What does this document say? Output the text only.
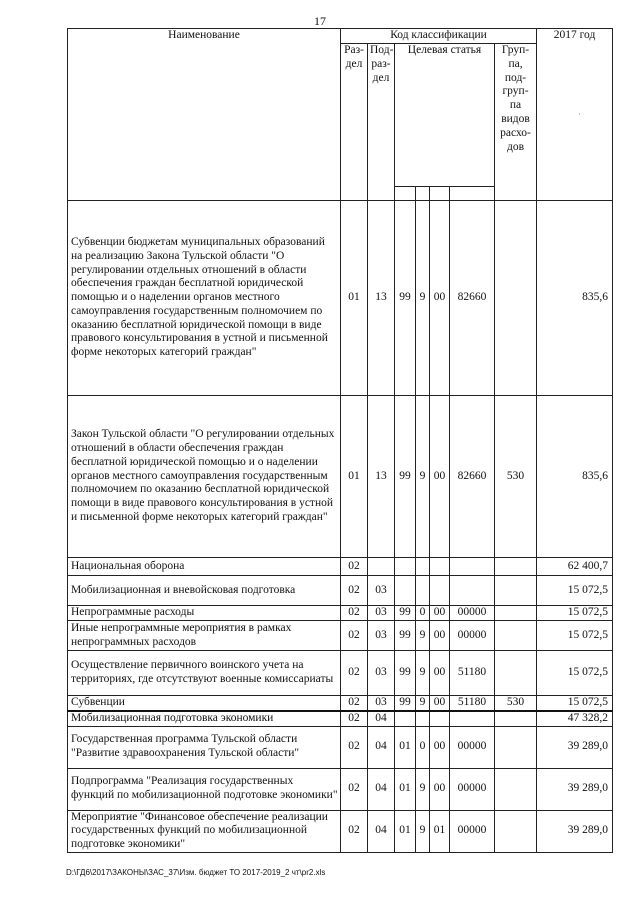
17
ʿ
Наименование	Код классификации							2017 год
	Раз-дел	Под-раз-дел	Целевая статья				Груп-па, под-груп-па видов расхо-дов	

Субвенции бюджетам муниципальных образований на реализацию Закона Тульской области "О регулировании отдельных отношений в области обеспечения граждан бесплатной юридической помощью и о наделении органов местного самоуправления государственным полномочием по оказанию бесплатной юридической помощи в виде правового консультирования в устной и письменной форме некоторых категорий граждан"	01	13	99	9	00	82660		835,6
Закон Тульской области "О регулировании отдельных отношений в области обеспечения граждан бесплатной юридической помощью и о наделении органов местного самоуправления государственным полномочием по оказанию бесплатной юридической помощи в виде правового консультирования в устной и письменной форме некоторых категорий граждан"	01	13	99	9	00	82660	530	835,6
Национальная оборона	02							62 400,7
Мобилизационная и вневойсковая подготовка	02	03						15 072,5
Непрограммные расходы	02	03	99	0	00	00000		15 072,5
Иные непрограммные мероприятия в рамках непрограммных расходов	02	03	99	9	00	00000		15 072,5
Осуществление первичного воинского учета на территориях, где отсутствуют военные комиссариаты	02	03	99	9	00	51180		15 072,5
Субвенции	02	03	99	9	00	51180	530	15 072,5
Мобилизационная подготовка экономики	02	04						47 328,2
Государственная программа Тульской области "Развитие здравоохранения Тульской области"	02	04	01	0	00	00000		39 289,0
Подпрограмма "Реализация государственных функций по мобилизационной подготовке экономики"	02	04	01	9	00	00000		39 289,0
Мероприятие "Финансовое обеспечение реализации государственных функций по мобилизационной подготовке экономики"	02	04	01	9	01	00000		39 289,0
D:\ГД6\2017\ЗАКОНЫ\ЗАС_37\Изм. бюджет ТО 2017-2019_2 чт\pr2.xls
